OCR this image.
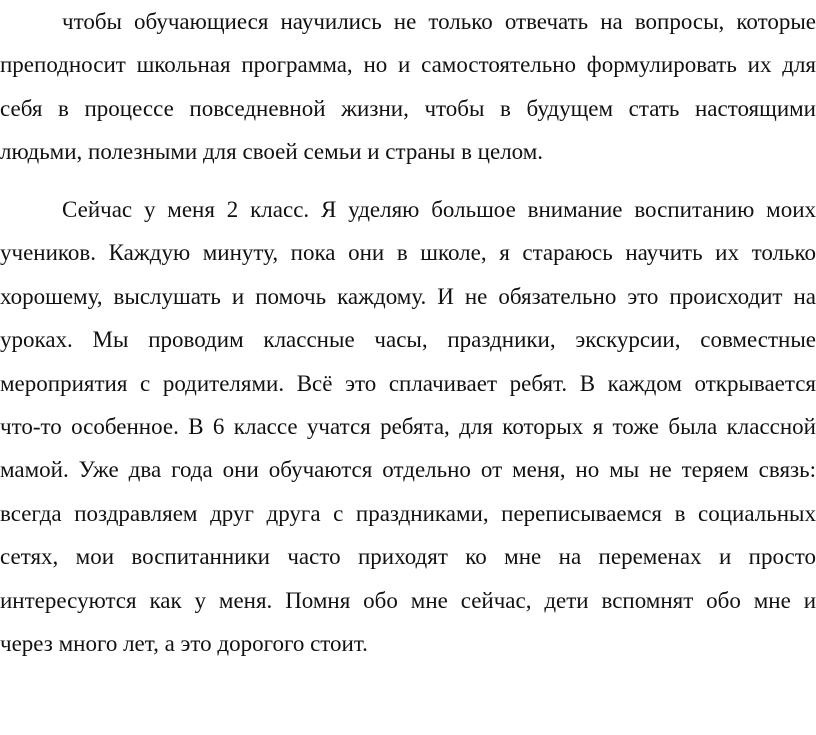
чтобы обучающиеся научились не только отвечать на вопросы, которые
преподносит школьная программа, но и самостоятельно формулировать их для
себя в процессе повседневной жизни, чтобы в будущем стать настоящими
людьми, полезными для своей семьи и страны в целом.
Сейчас у меня 2 класс. Я уделяю большое внимание воспитанию моих
учеников. Каждую минуту, пока они в школе, я стараюсь научить их только
хорошему, выслушать и помочь каждому. И не обязательно это происходит на
уроках. Мы проводим классные часы, праздники, экскурсии, совместные
мероприятия с родителями. Всё это сплачивает ребят. В каждом открывается
что-то особенное. В 6 классе учатся ребята, для которых я тоже была классной
мамой. Уже два года они обучаются отдельно от меня, но мы не теряем связь:
всегда поздравляем друг друга с праздниками, переписываемся в социальных
сетях, мои воспитанники часто приходят ко мне на переменах и просто
интересуются как у меня. Помня обо мне сейчас, дети вспомнят обо мне и
через много лет, а это дорогого стоит.
